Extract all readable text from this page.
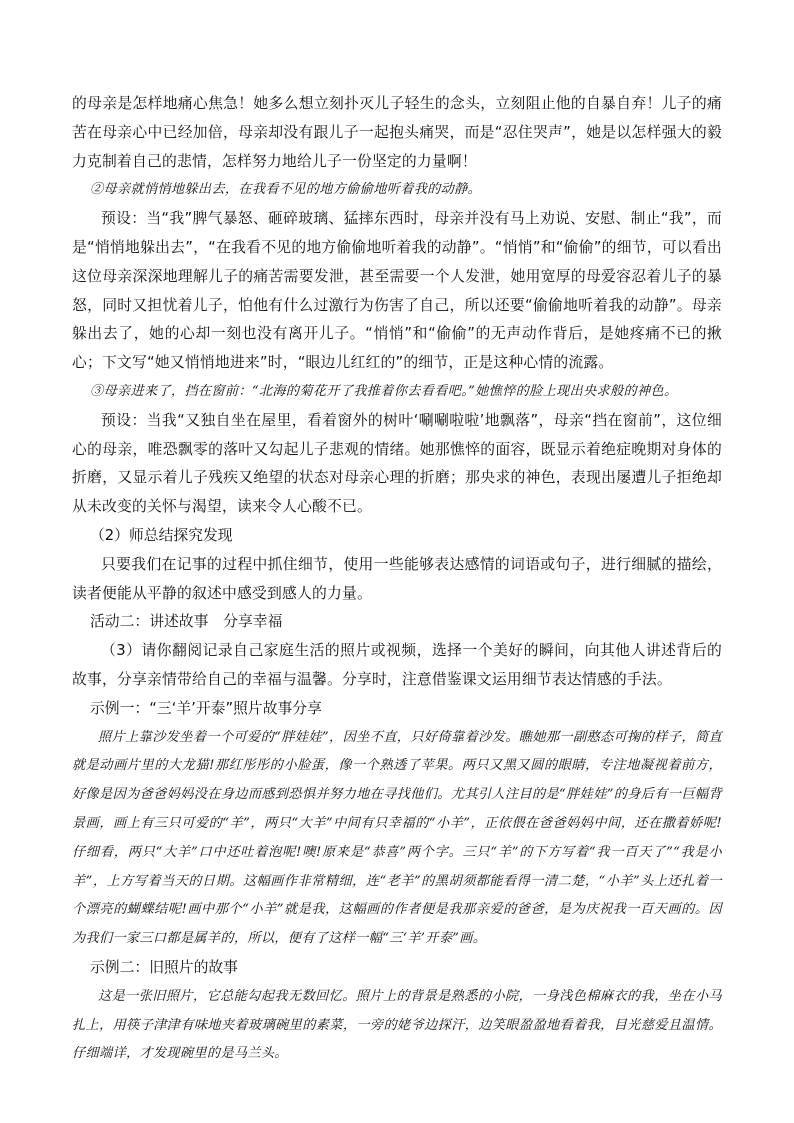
的母亲是怎样地痛心焦急！她多么想立刻扑灭儿子轻生的念头，立刻阻止他的自暴自弃！儿子的痛苦在母亲心中已经加倍，母亲却没有跟儿子一起抱头痛哭，而是“忍住哭声”，她是以怎样强大的毅力克制着自己的悲情，怎样努力地给儿子一份坚定的力量啊！

②母亲就悄悄地躲出去，在我看不见的地方偷偷地听着我的动静。

预设：当“我”脾气暴怒、砸碎玻璃、猛摔东西时，母亲并没有马上劝说、安慰、制止“我”，而是“悄悄地躲出去”，“在我看不见的地方偷偷地听着我的动静”。“悄悄”和“偷偷”的细节，可以看出这位母亲深深地理解儿子的痛苦需要发泄，甚至需要一个人发泄，她用宽厚的母爱容忍着儿子的暴怒，同时又担忧着儿子，怕他有什么过激行为伤害了自己，所以还要“偷偷地听着我的动静”。母亲躲出去了，她的心却一刻也没有离开儿子。“悄悄”和“偷偷”的无声动作背后，是她疼痛不已的揪心；下文写“她又悄悄地进来”时，“眼边儿红红的”的细节，正是这种心情的流露。

③母亲进来了，挡在窗前：“北海的菊花开了我推着你去看看吧。”她憔悴的脸上现出央求般的神色。

预设：当我“又独自坐在屋里，看着窗外的树叶‘唰唰啦啦’地飘落”，母亲“挡在窗前”，这位细心的母亲，唯恐飘零的落叶又勾起儿子悲观的情绪。她那憔悴的面容，既显示着绝症晚期对身体的折磨，又显示着儿子残疾又绝望的状态对母亲心理的折磨；那央求的神色，表现出屡遭儿子拒绝却从未改变的关怀与渴望，读来令人心酸不已。

（2）师总结探究发现

只要我们在记事的过程中抓住细节，使用一些能够表达感情的词语或句子，进行细腻的描绘，读者便能从平静的叙述中感受到感人的力量。

活动二：讲述故事　分享幸福

（3）请你翻阅记录自己家庭生活的照片或视频，选择一个美好的瞬间，向其他人讲述背后的故事，分享亲情带给自己的幸福与温馨。分享时，注意借鉴课文运用细节表达情感的手法。

示例一：“三‘羊’开泰”照片故事分享

照片上靠沙发坐着一个可爱的“胖娃娃”，因坐不直，只好倚靠着沙发。瞧她那一副憨态可掬的样子，简直就是动画片里的大龙猫!那红彤彤的小脸蛋，像一个熟透了苹果。两只又黑又圆的眼睛，专注地凝视着前方，好像是因为爸爸妈妈没在身边而感到恐惧并努力地在寻找他们。尤其引人注目的是“胖娃娃”的身后有一巨幅背景画，画上有三只可爱的“羊”，两只“大羊”中间有只幸福的“小羊”，正依偎在爸爸妈妈中间，还在撒着娇呢!仔细看，两只“大羊”口中还吐着泡呢!噢!原来是“恭喜”两个字。三只“羊”的下方写着“我一百天了”“我是小羊”，上方写着当天的日期。这幅画作非常精细，连“老羊”的黑胡须都能看得一清二楚，“小羊”头上还扎着一个漂亮的蝴蝶结呢!画中那个“小羊”就是我，这幅画的作者便是我那亲爱的爸爸，是为庆祝我一百天画的。因为我们一家三口都是属羊的，所以，便有了这样一幅“三‘羊’开泰”画。

示例二：旧照片的故事

这是一张旧照片，它总能勾起我无数回忆。照片上的背景是熟悉的小院，一身浅色棉麻衣的我，坐在小马扎上，用筷子津津有味地夹着玻璃碗里的素菜，一旁的姥爷边探汗，边笑眼盈盈地看着我，目光慈爱且温情。仔细端详，才发现碗里的是马兰头。
